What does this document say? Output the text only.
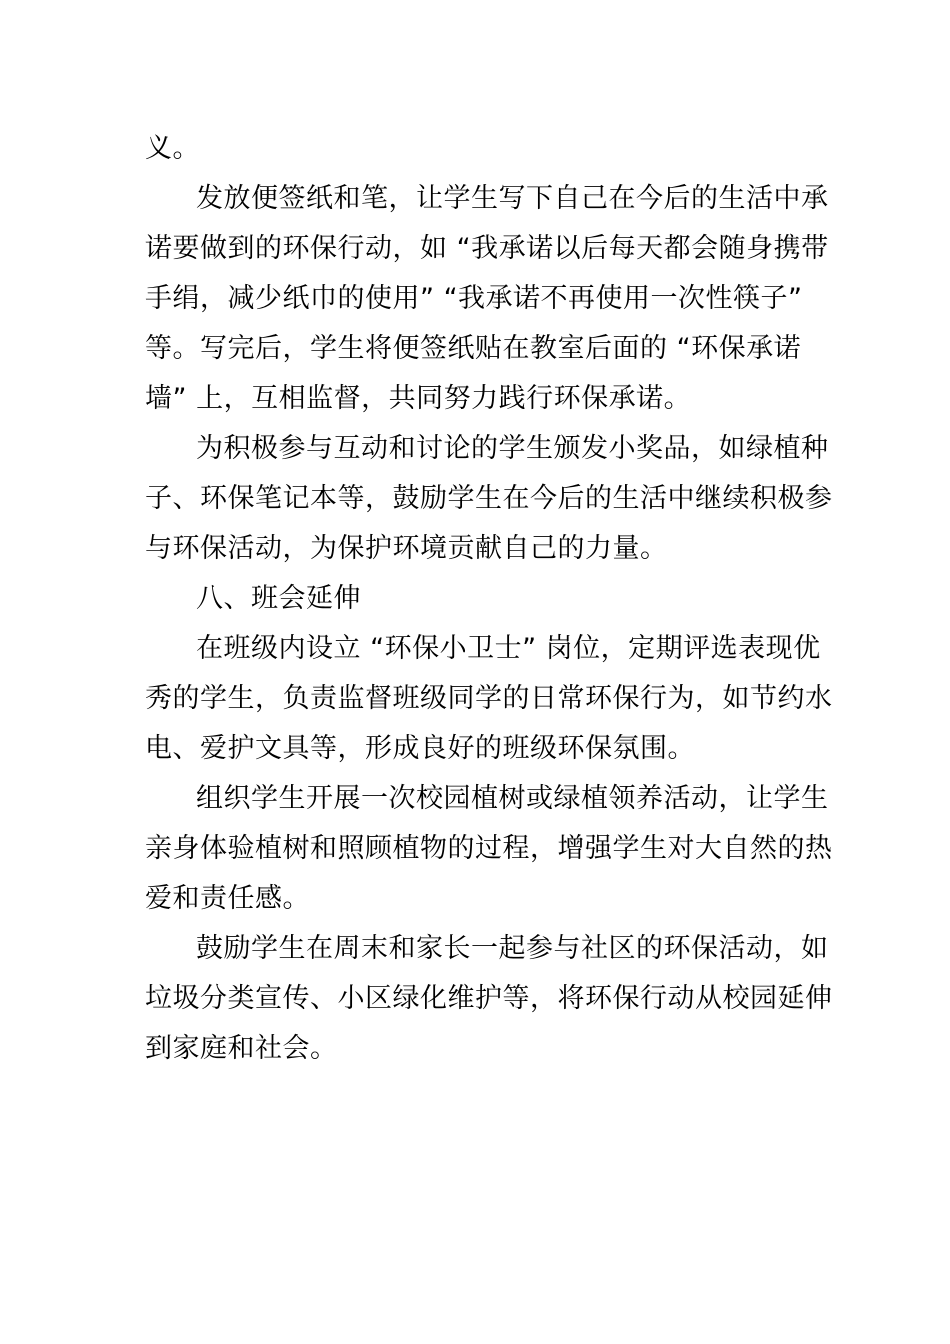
义。
发放便签纸和笔，让学生写下自己在今后的生活中承
诺要做到的环保行动，如 “我承诺以后每天都会随身携带
手绢，减少纸巾的使用” “我承诺不再使用一次性筷子”
等。写完后，学生将便签纸贴在教室后面的 “环保承诺
墙” 上，互相监督，共同努力践行环保承诺。
为积极参与互动和讨论的学生颁发小奖品，如绿植种
子、环保笔记本等，鼓励学生在今后的生活中继续积极参
与环保活动，为保护环境贡献自己的力量。
八、班会延伸
在班级内设立 “环保小卫士” 岗位，定期评选表现优
秀的学生，负责监督班级同学的日常环保行为，如节约水
电、爱护文具等，形成良好的班级环保氛围。
组织学生开展一次校园植树或绿植领养活动，让学生
亲身体验植树和照顾植物的过程，增强学生对大自然的热
爱和责任感。
鼓励学生在周末和家长一起参与社区的环保活动，如
垃圾分类宣传、小区绿化维护等，将环保行动从校园延伸
到家庭和社会。
